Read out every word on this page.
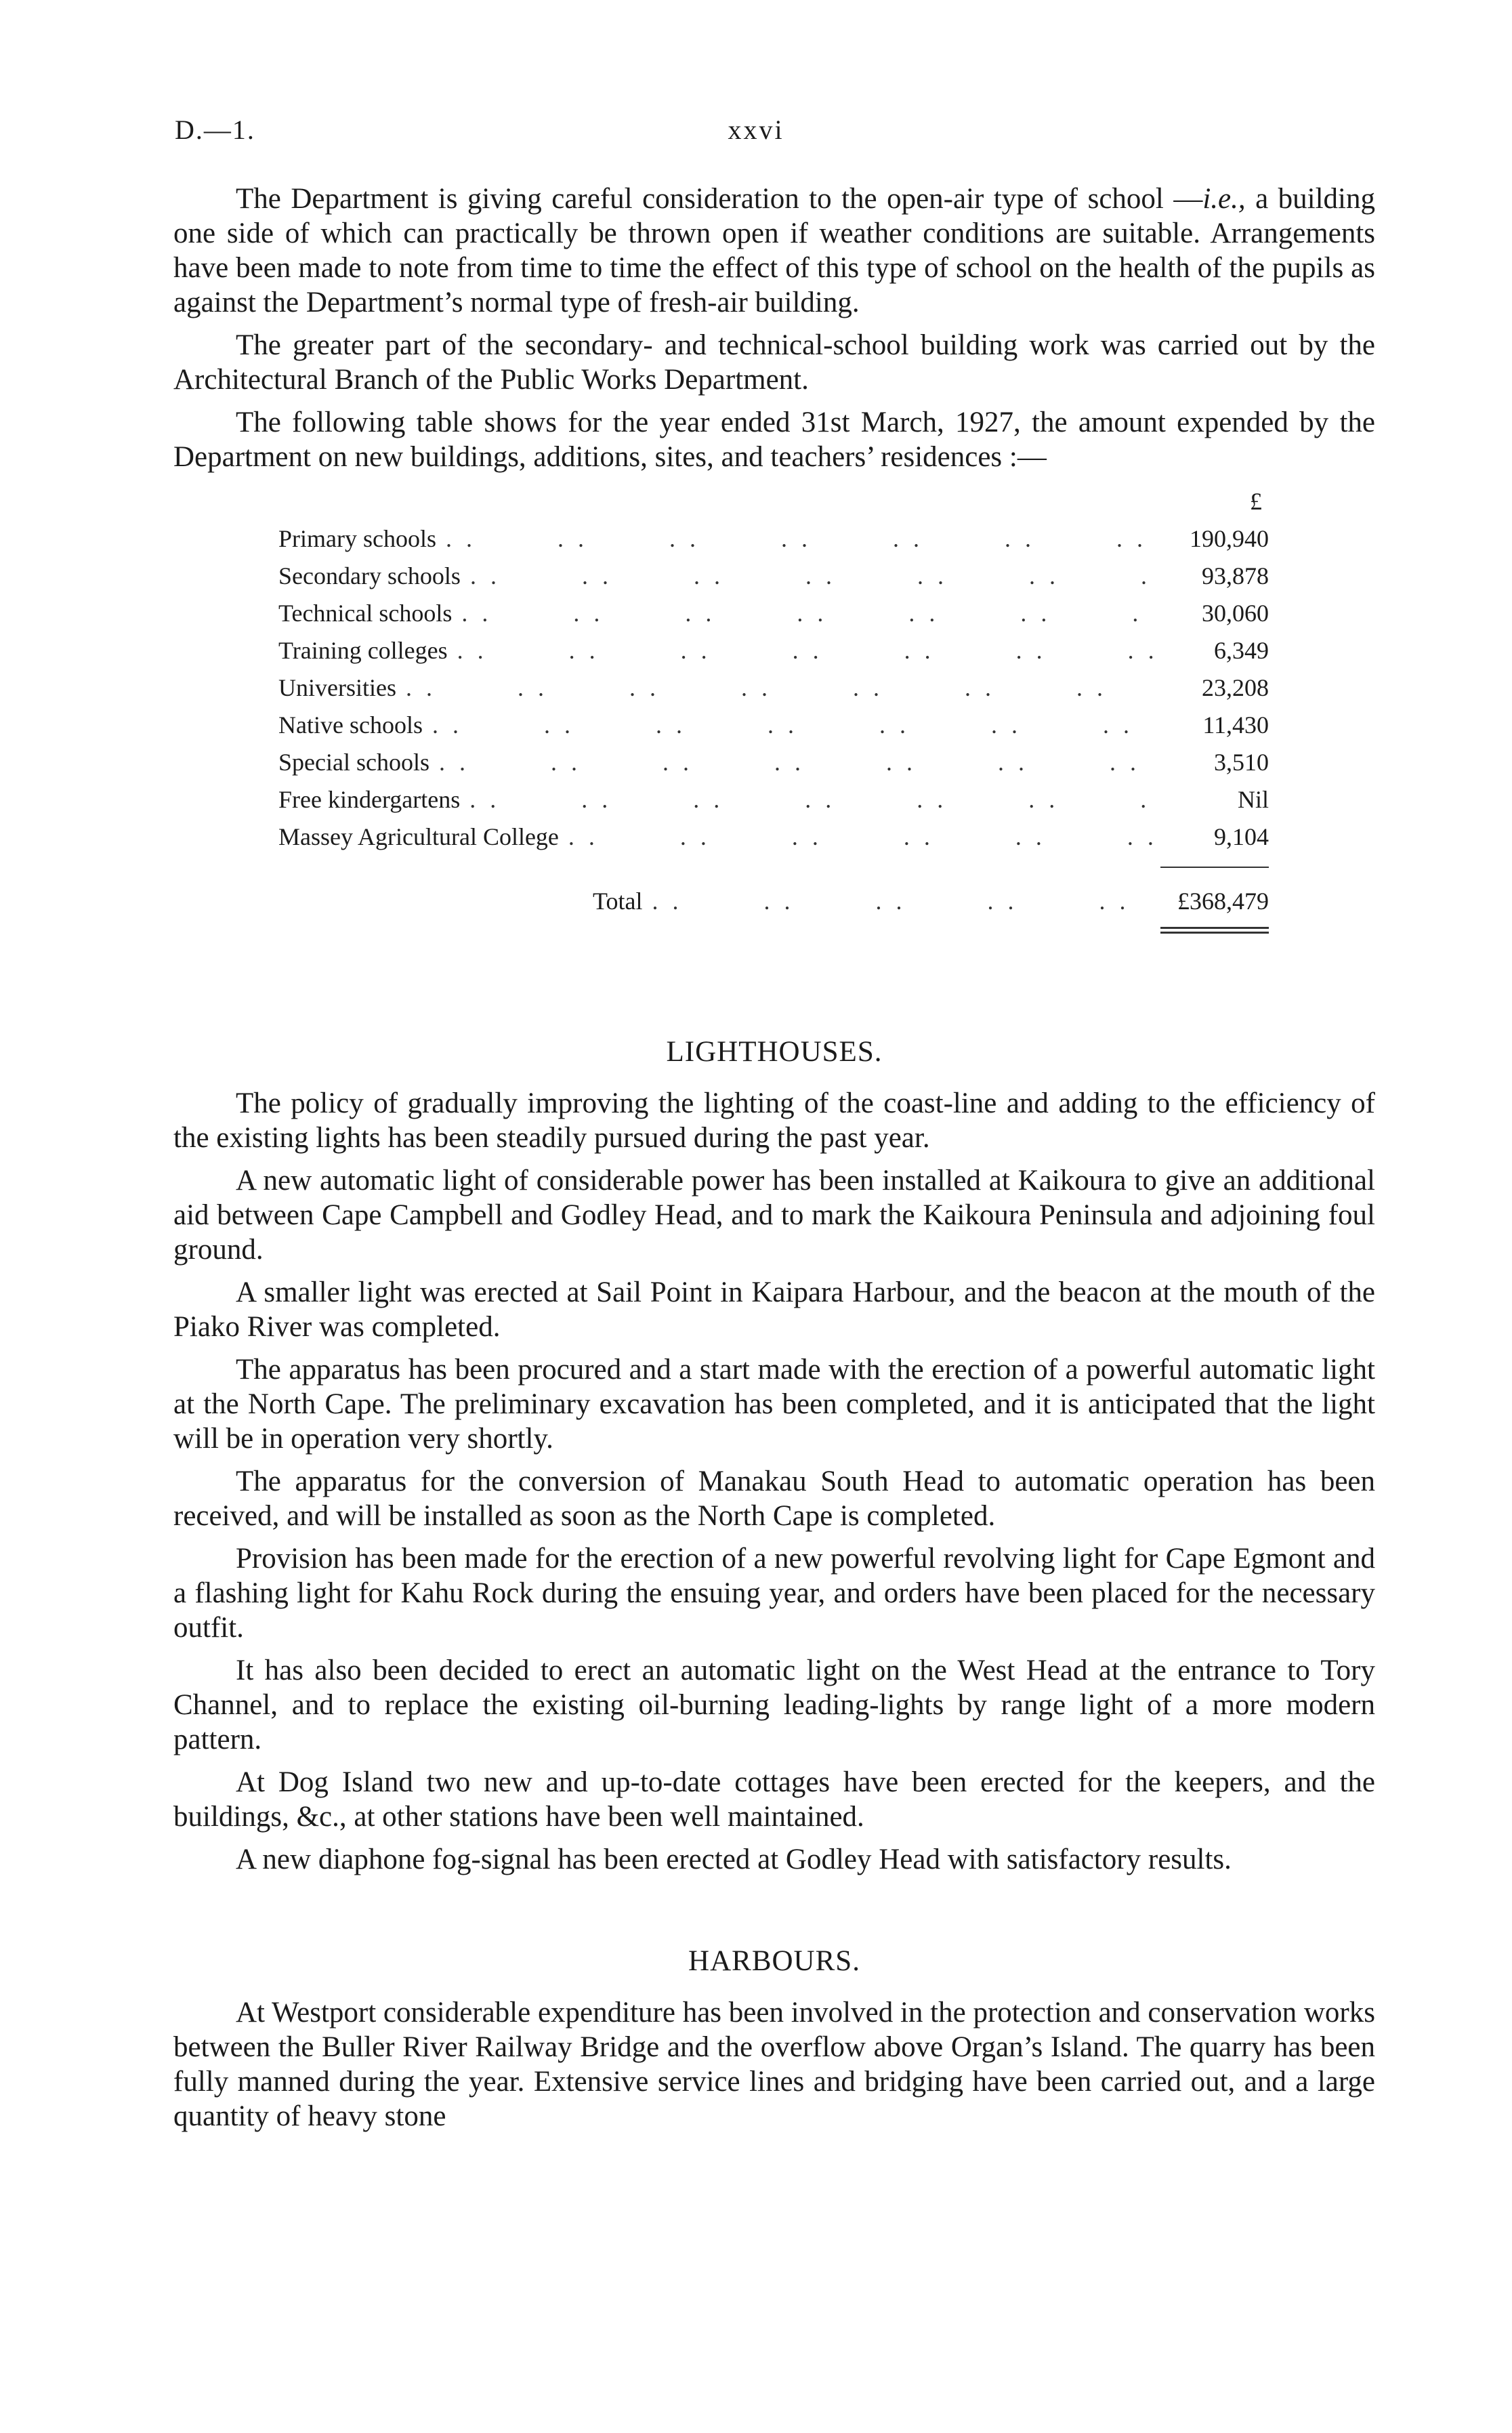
D.—1.	xxvi

The Department is giving careful consideration to the open-air type of school —i.e., a building one side of which can practically be thrown open if weather conditions are suitable. Arrangements have been made to note from time to time the effect of this type of school on the health of the pupils as against the Department’s normal type of fresh-air building.

The greater part of the secondary- and technical-school building work was carried out by the Architectural Branch of the Public Works Department.

The following table shows for the year ended 31st March, 1927, the amount expended by the Department on new buildings, additions, sites, and teachers’ residences :—

£
Primary schools . .	190,940
Secondary schools . .	93,878
Technical schools . .	30,060
Training colleges . .	6,349
Universities . .	23,208
Native schools . .	11,430
Special schools . .	3,510
Free kindergartens . .	Nil
Massey Agricultural College . .	9,104
Total . .	£368,479
LIGHTHOUSES.

The policy of gradually improving the lighting of the coast-line and adding to the efficiency of the existing lights has been steadily pursued during the past year.

A new automatic light of considerable power has been installed at Kaikoura to give an additional aid between Cape Campbell and Godley Head, and to mark the Kaikoura Peninsula and adjoining foul ground.

A smaller light was erected at Sail Point in Kaipara Harbour, and the beacon at the mouth of the Piako River was completed.

The apparatus has been procured and a start made with the erection of a powerful automatic light at the North Cape. The preliminary excavation has been completed, and it is anticipated that the light will be in operation very shortly.

The apparatus for the conversion of Manakau South Head to automatic operation has been received, and will be installed as soon as the North Cape is completed.

Provision has been made for the erection of a new powerful revolving light for Cape Egmont and a flashing light for Kahu Rock during the ensuing year, and orders have been placed for the necessary outfit.

It has also been decided to erect an automatic light on the West Head at the entrance to Tory Channel, and to replace the existing oil-burning leading-lights by range light of a more modern pattern.

At Dog Island two new and up-to-date cottages have been erected for the keepers, and the buildings, &c., at other stations have been well maintained.

A new diaphone fog-signal has been erected at Godley Head with satisfactory results.

HARBOURS.

At Westport considerable expenditure has been involved in the protection and conservation works between the Buller River Railway Bridge and the overflow above Organ’s Island. The quarry has been fully manned during the year. Extensive service lines and bridging have been carried out, and a large quantity of heavy stone
